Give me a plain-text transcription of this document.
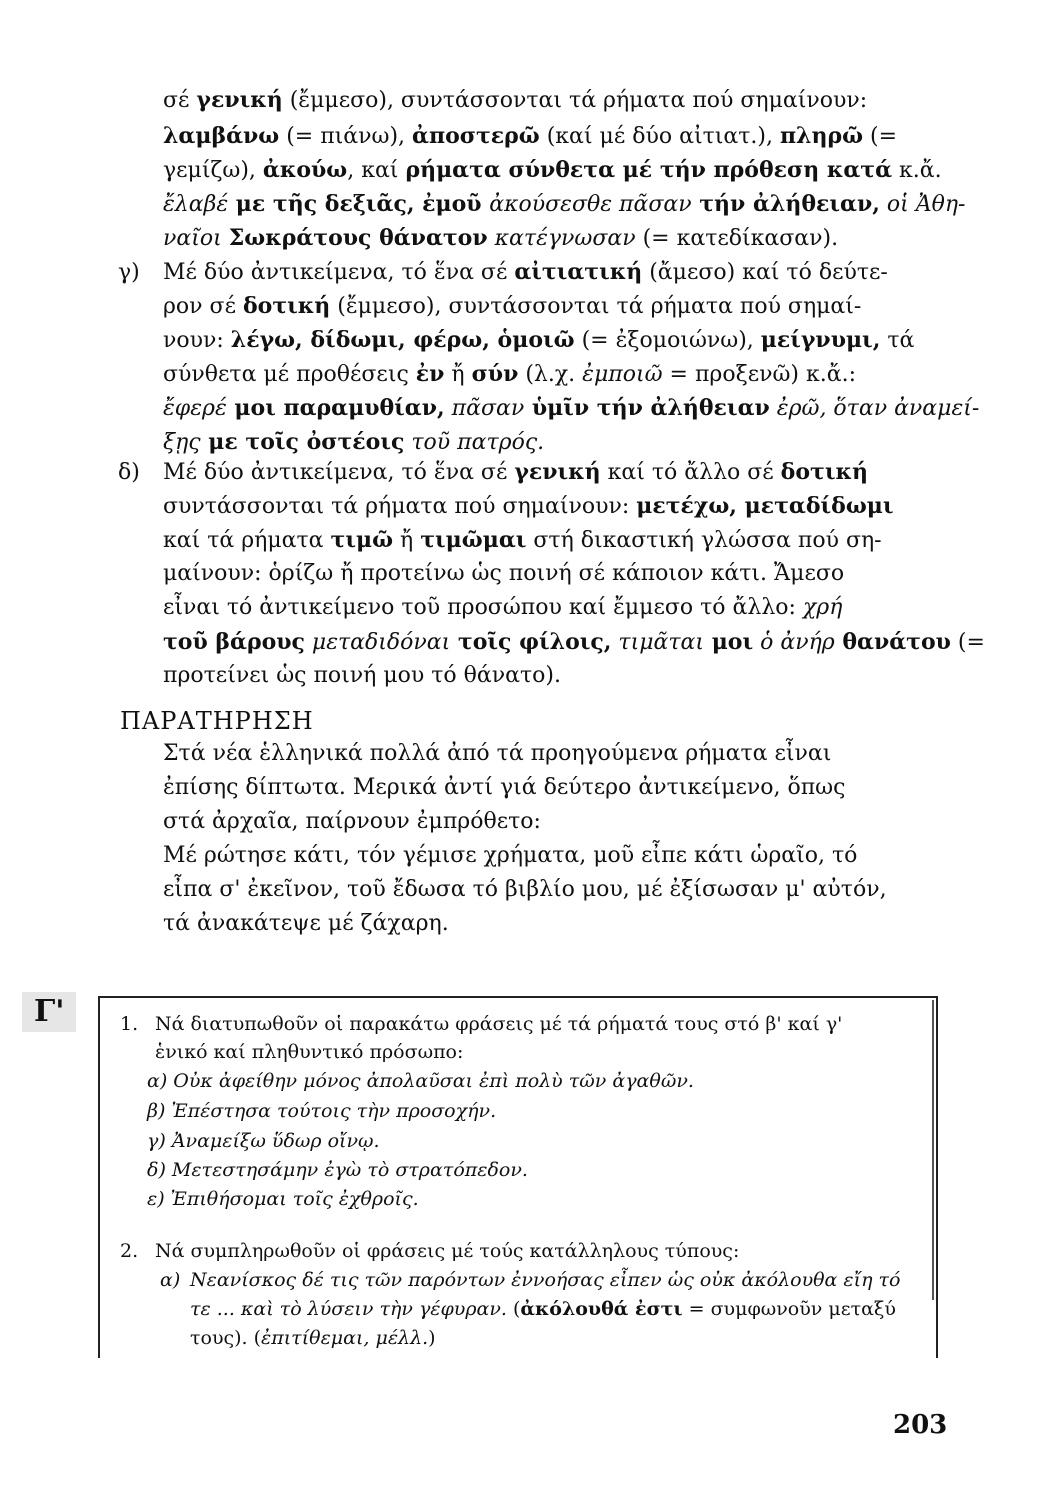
σέ γενική (ἔμμεσο), συντάσσονται τά ρήματα πού σημαίνουν:
λαμβάνω (= πιάνω), ἀποστερῶ (καί μέ δύο αἰτιατ.), πληρῶ (=
γεμίζω), ἀκούω, καί ρήματα σύνθετα μέ τήν πρόθεση κατά κ.ἄ.
ἔλαβέ με τῆς δεξιᾶς, ἐμοῦ ἀκούσεσθε πᾶσαν τήν ἀλήθειαν, οἱ Ἀθη-
ναῖοι Σωκράτους θάνατον κατέγνωσαν (= κατεδίκασαν).
γ) Μέ δύο ἀντικείμενα, τό ἕνα σέ αἰτιατική (ἄμεσο) καί τό δεύτε-
ρον σέ δοτική (ἔμμεσο), συντάσσονται τά ρήματα πού σημαί-
νουν: λέγω, δίδωμι, φέρω, ὁμοιῶ (= ἐξομοιώνω), μείγνυμι, τά
σύνθετα μέ προθέσεις ἐν ἤ σύν (λ.χ. ἐμποιῶ = προξενῶ) κ.ἄ.:
ἔφερέ μοι παραμυθίαν, πᾶσαν ὑμῖν τήν ἀλήθειαν ἐρῶ, ὅταν ἀναμεί-
ξῃς με τοῖς ὀστέοις τοῦ πατρός.
δ) Μέ δύο ἀντικείμενα, τό ἕνα σέ γενική καί τό ἄλλο σέ δοτική
συντάσσονται τά ρήματα πού σημαίνουν: μετέχω, μεταδίδωμι
καί τά ρήματα τιμῶ ἤ τιμῶμαι στή δικαστική γλώσσα πού ση-
μαίνουν: ὁρίζω ἤ προτείνω ὡς ποινή σέ κάποιον κάτι. Ἄμεσο
εἶναι τό ἀντικείμενο τοῦ προσώπου καί ἔμμεσο τό ἄλλο: χρή
τοῦ βάρους μεταδιδόναι τοῖς φίλοις, τιμᾶται μοι ὁ ἀνήρ θανάτου (=
προτείνει ὡς ποινή μου τό θάνατο).
ΠΑΡΑΤΗΡΗΣΗ
Στά νέα ἑλληνικά πολλά ἀπό τά προηγούμενα ρήματα εἶναι
ἐπίσης δίπτωτα. Μερικά ἀντί γιά δεύτερο ἀντικείμενο, ὅπως
στά ἀρχαῖα, παίρνουν ἐμπρόθετο:
Μέ ρώτησε κάτι, τόν γέμισε χρήματα, μοῦ εἶπε κάτι ὡραῖο, τό
εἶπα σ' ἐκεῖνον, τοῦ ἔδωσα τό βιβλίο μου, μέ ἐξίσωσαν μ' αὐτόν,
τά ἀνακάτεψε μέ ζάχαρη.
Γ'	1. Νά διατυπωθοῦν οἱ παρακάτω φράσεις μέ τά ρήματά τους στό β' καί γ'
ἑνικό καί πληθυντικό πρόσωπο:
α) Οὐκ ἀφείθην μόνος ἀπολαῦσαι ἐπὶ πολὺ τῶν ἀγαθῶν.
β) Ἐπέστησα τούτοις τὴν προσοχήν.
γ) Ἀναμείξω ὕδωρ οἴνῳ.
δ) Μετεστησάμην ἐγὼ τὸ στρατόπεδον.
ε) Ἐπιθήσομαι τοῖς ἐχθροῖς.
2. Νά συμπληρωθοῦν οἱ φράσεις μέ τούς κατάλληλους τύπους:
α) Νεανίσκος δέ τις τῶν παρόντων ἐννοήσας εἶπεν ὡς οὐκ ἀκόλουθα εἴη τό
τε ... καὶ τὸ λύσειν τὴν γέφυραν. (ἀκόλουθά ἐστι = συμφωνοῦν μεταξύ
τους). (ἐπιτίθεμαι, μέλλ.)
203
